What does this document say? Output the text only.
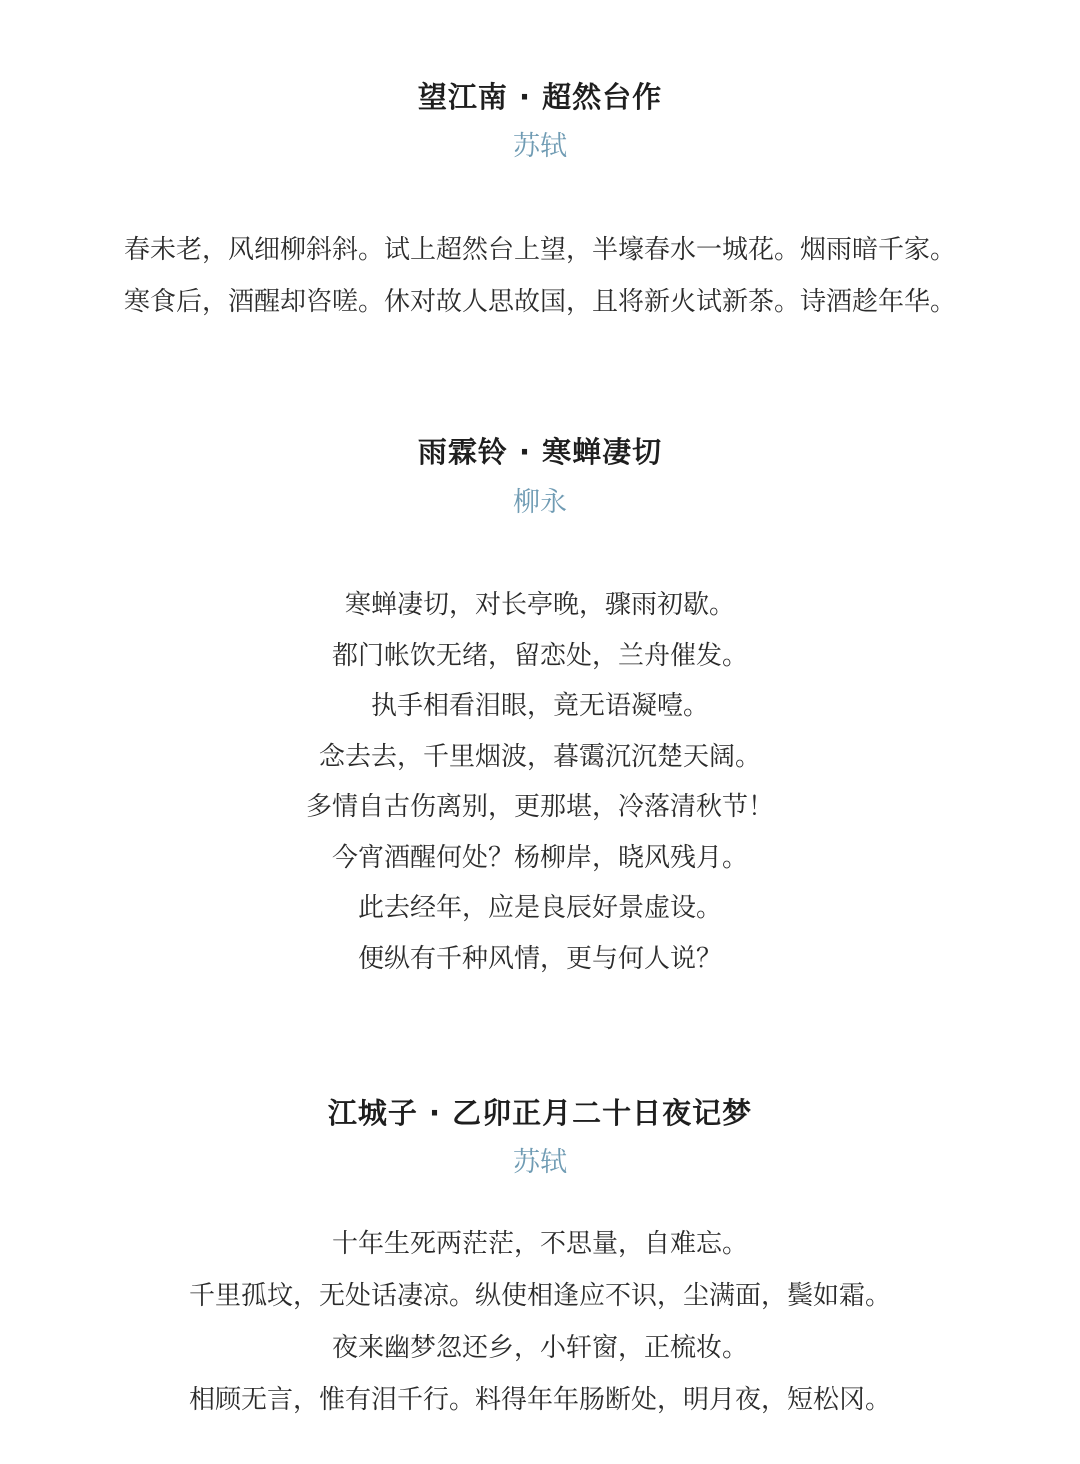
望江南 · 超然台作
苏轼
春未老，风细柳斜斜。试上超然台上望，半壕春水一城花。烟雨暗千家。
寒食后，酒醒却咨嗟。休对故人思故国，且将新火试新茶。诗酒趁年华。
雨霖铃 · 寒蝉凄切
柳永
寒蝉凄切，对长亭晚，骤雨初歇。
都门帐饮无绪，留恋处，兰舟催发。
执手相看泪眼，竟无语凝噎。
念去去，千里烟波，暮霭沉沉楚天阔。
多情自古伤离别，更那堪，冷落清秋节！
今宵酒醒何处？杨柳岸，晓风残月。
此去经年，应是良辰好景虚设。
便纵有千种风情，更与何人说？
江城子 · 乙卯正月二十日夜记梦
苏轼
十年生死两茫茫，不思量，自难忘。
千里孤坟，无处话凄凉。纵使相逢应不识，尘满面，鬓如霜。
夜来幽梦忽还乡，小轩窗，正梳妆。
相顾无言，惟有泪千行。料得年年肠断处，明月夜，短松冈。
